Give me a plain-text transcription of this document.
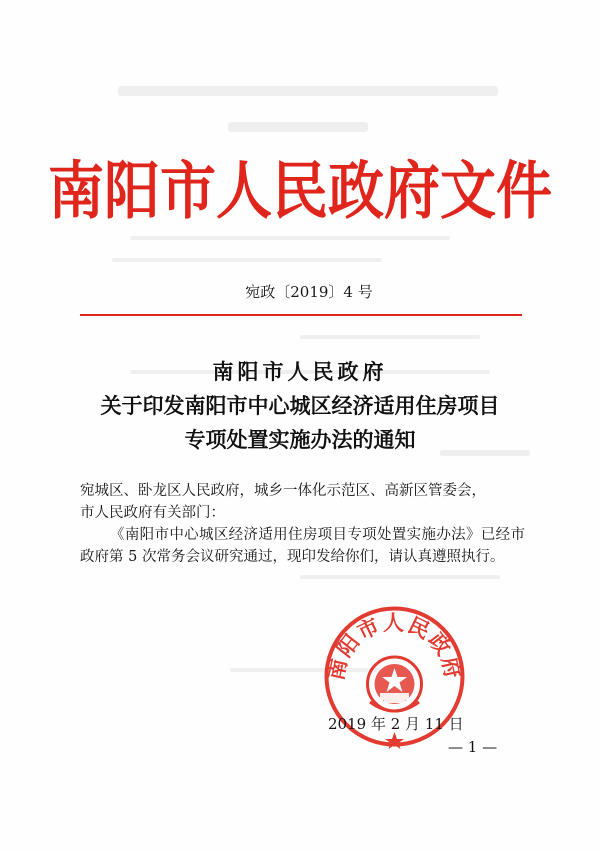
南阳市人民政府文件
宛政〔2019〕4 号
南阳市人民政府
关于印发南阳市中心城区经济适用住房项目
专项处置实施办法的通知

宛城区、卧龙区人民政府，城乡一体化示范区、高新区管委会，

市人民政府有关部门：

《南阳市中心城区经济适用住房项目专项处置实施办法》已经市政府第 5 次常务会议研究通过，现印发给你们，请认真遵照执行。

南阳市人民政府
2019 年 2 月 11 日
— 1 —
